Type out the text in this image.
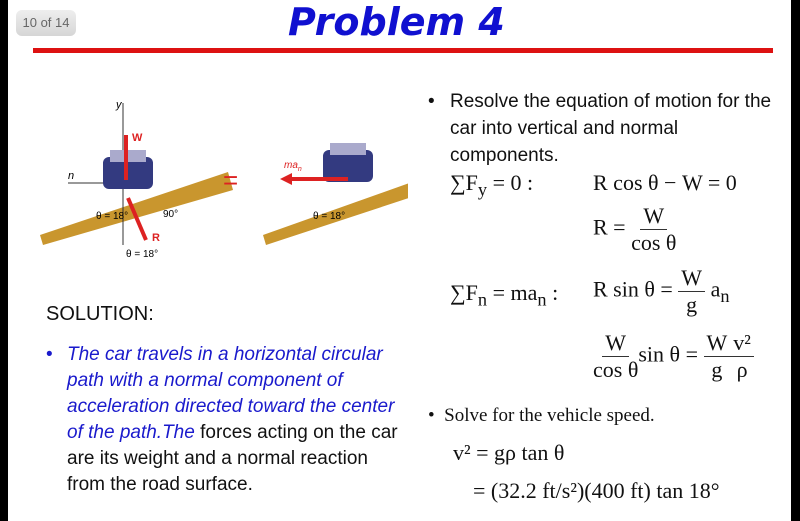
10 of 14	Problem 4
y
n
W
R
90°
θ = 18°
θ = 18°
=	$ma_n$
θ = 18°
• Resolve the equation of motion for the car into vertical and normal components.
$\sum F_y = 0$ :	R cos θ − W = 0
$R = \frac{W}{\text{cos θ}}$
$\sum F_n = ma_n$ : R $\sin \theta = \frac{W}{g} a_n$
$\frac{W}{\text{cos θ}}$ $\sin \theta = \frac{W}{g} \frac{\text{v²}}{\rho}$
•  Solve for the vehicle speed.
v² = gρ tan θ
= (32.2 ft/s²)(400 ft) tan 18°
SOLUTION:
• The car travels in a horizontal circular path with a normal component of acceleration directed toward the center of the path.The forces acting on the car are its weight and a normal reaction from the road surface.
